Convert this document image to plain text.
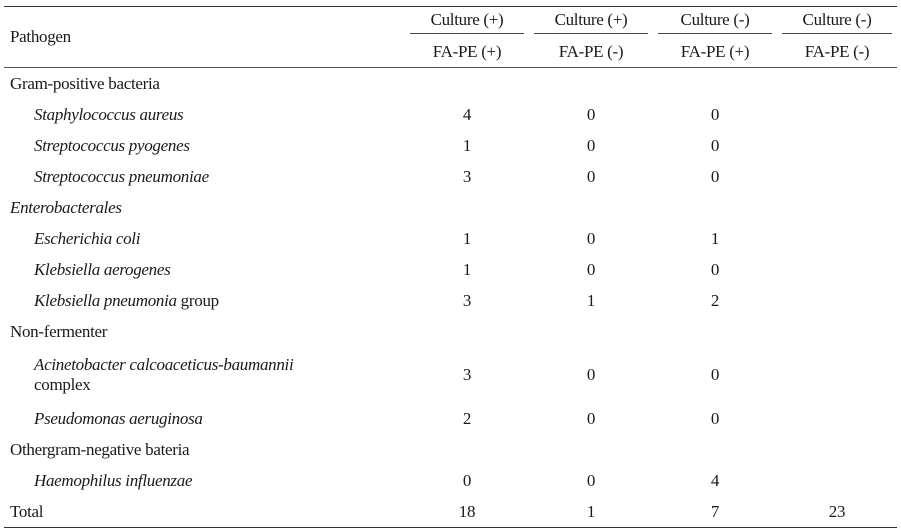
Pathogen	Culture (+)	Culture (+)	Culture (-)	Culture (-)

	FA-PE (+)	FA-PE (-)	FA-PE (+)	FA-PE (-)
Gram-positive bacteria				
Staphylococcus aureus	4	0	0	
Streptococcus pyogenes	1	0	0	
Streptococcus pneumoniae	3	0	0	
Enterobacterales				
Escherichia coli	1	0	1	
Klebsiella aerogenes	1	0	0	
Klebsiella pneumonia group	3	1	2	
Non-fermenter				
Acinetobacter calcoaceticus-baumannii
complex	3	0	0	
Pseudomonas aeruginosa	2	0	0	
Othergram-negative bateria				
Haemophilus influenzae	0	0	4	
Total	18	1	7	23
